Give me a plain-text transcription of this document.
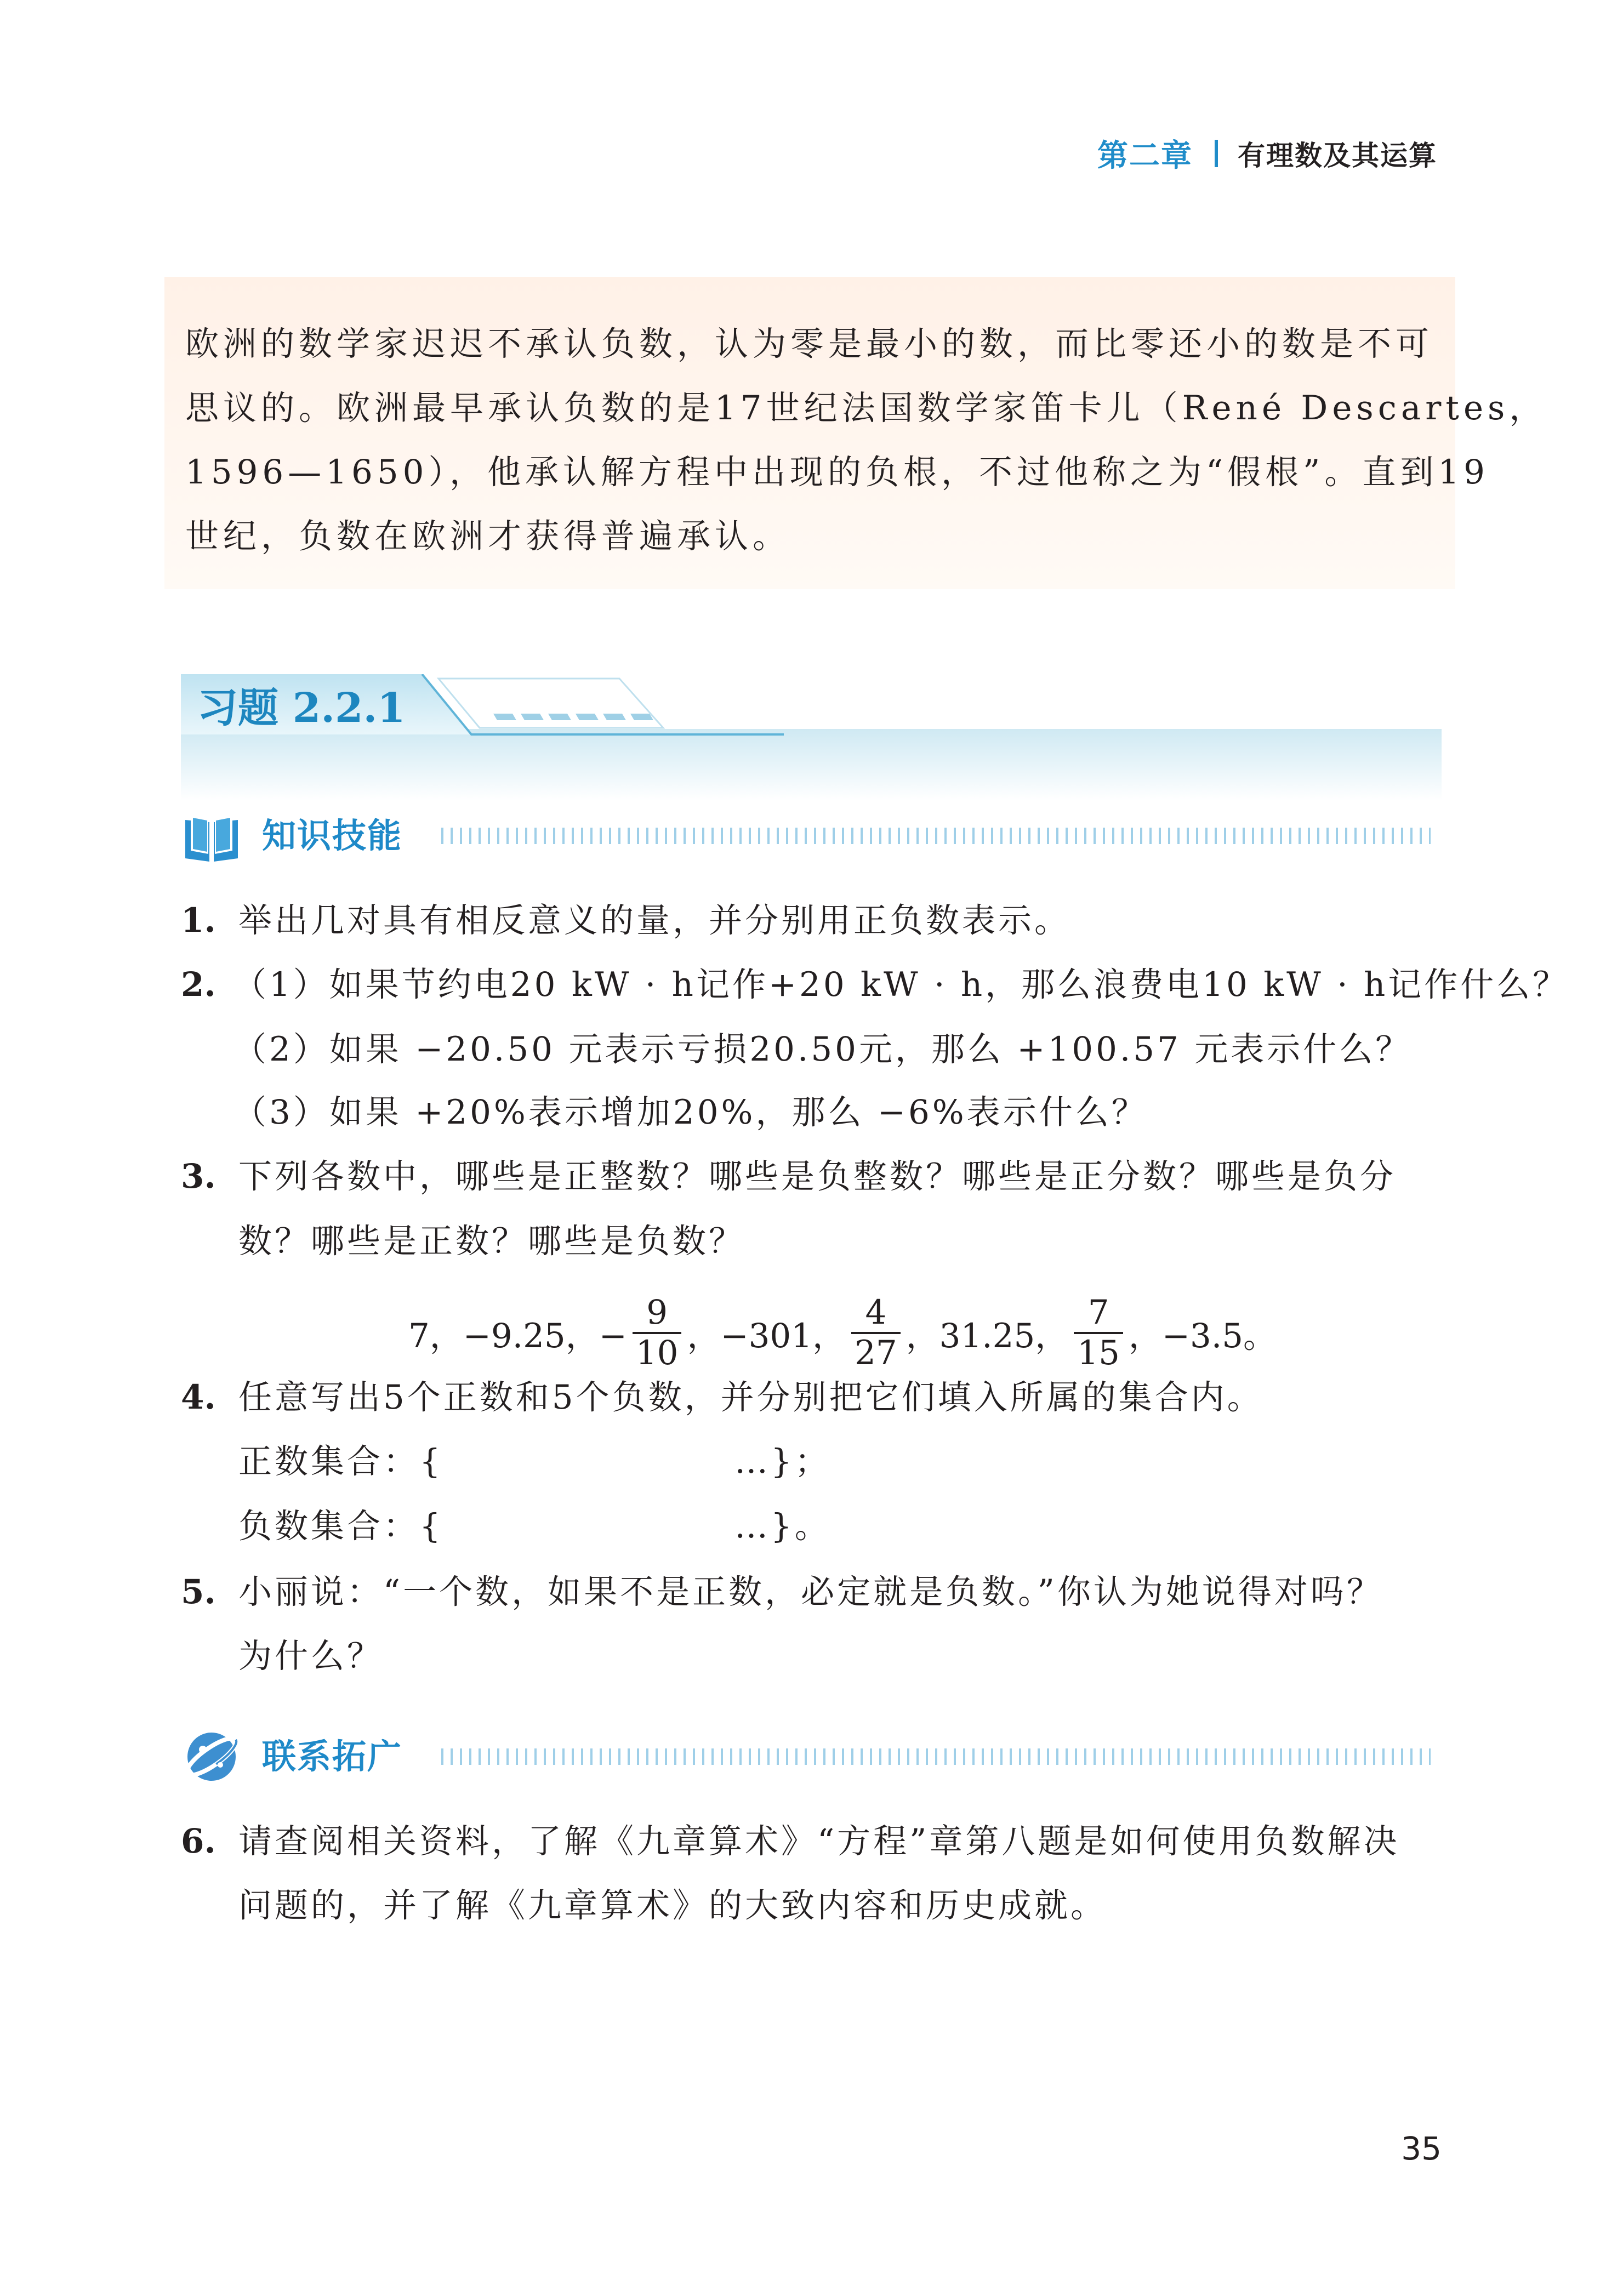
第二章 有理数及其运算

欧洲的数学家迟迟不承认负数，认为零是最小的数，而比零还小的数是不可
思议的。欧洲最早承认负数的是17世纪法国数学家笛卡儿（René Descartes，
1596—1650），他承认解方程中出现的负根，不过他称之为“假根”。直到19
世纪，负数在欧洲才获得普遍承认。

习题 2.2.1
知识技能
1. 举出几对具有相反意义的量，并分别用正负数表示。
2. （1）如果节约电20 kW · h记作+20 kW · h，那么浪费电10 kW · h记作什么？
（2）如果 −20.50 元表示亏损20.50元，那么 +100.57 元表示什么？
（3）如果 +20%表示增加20%，那么 −6%表示什么？
3. 下列各数中，哪些是正整数？哪些是负整数？哪些是正分数？哪些是负分
数？哪些是正数？哪些是负数？
7，−9.25，− $\frac{9}{10}$ ，−301， $\frac{4}{27}$ ，31.25， $\frac{7}{15}$ ，−3.5。
4. 任意写出5个正数和5个负数，并分别把它们填入所属的集合内。
正数集合：{	…}；
负数集合：{	…}。
5. 小丽说：“一个数，如果不是正数，必定就是负数。”你认为她说得对吗？
为什么？
联系拓广
6. 请查阅相关资料，了解《九章算术》“方程”章第八题是如何使用负数解决
问题的，并了解《九章算术》的大致内容和历史成就。
35
